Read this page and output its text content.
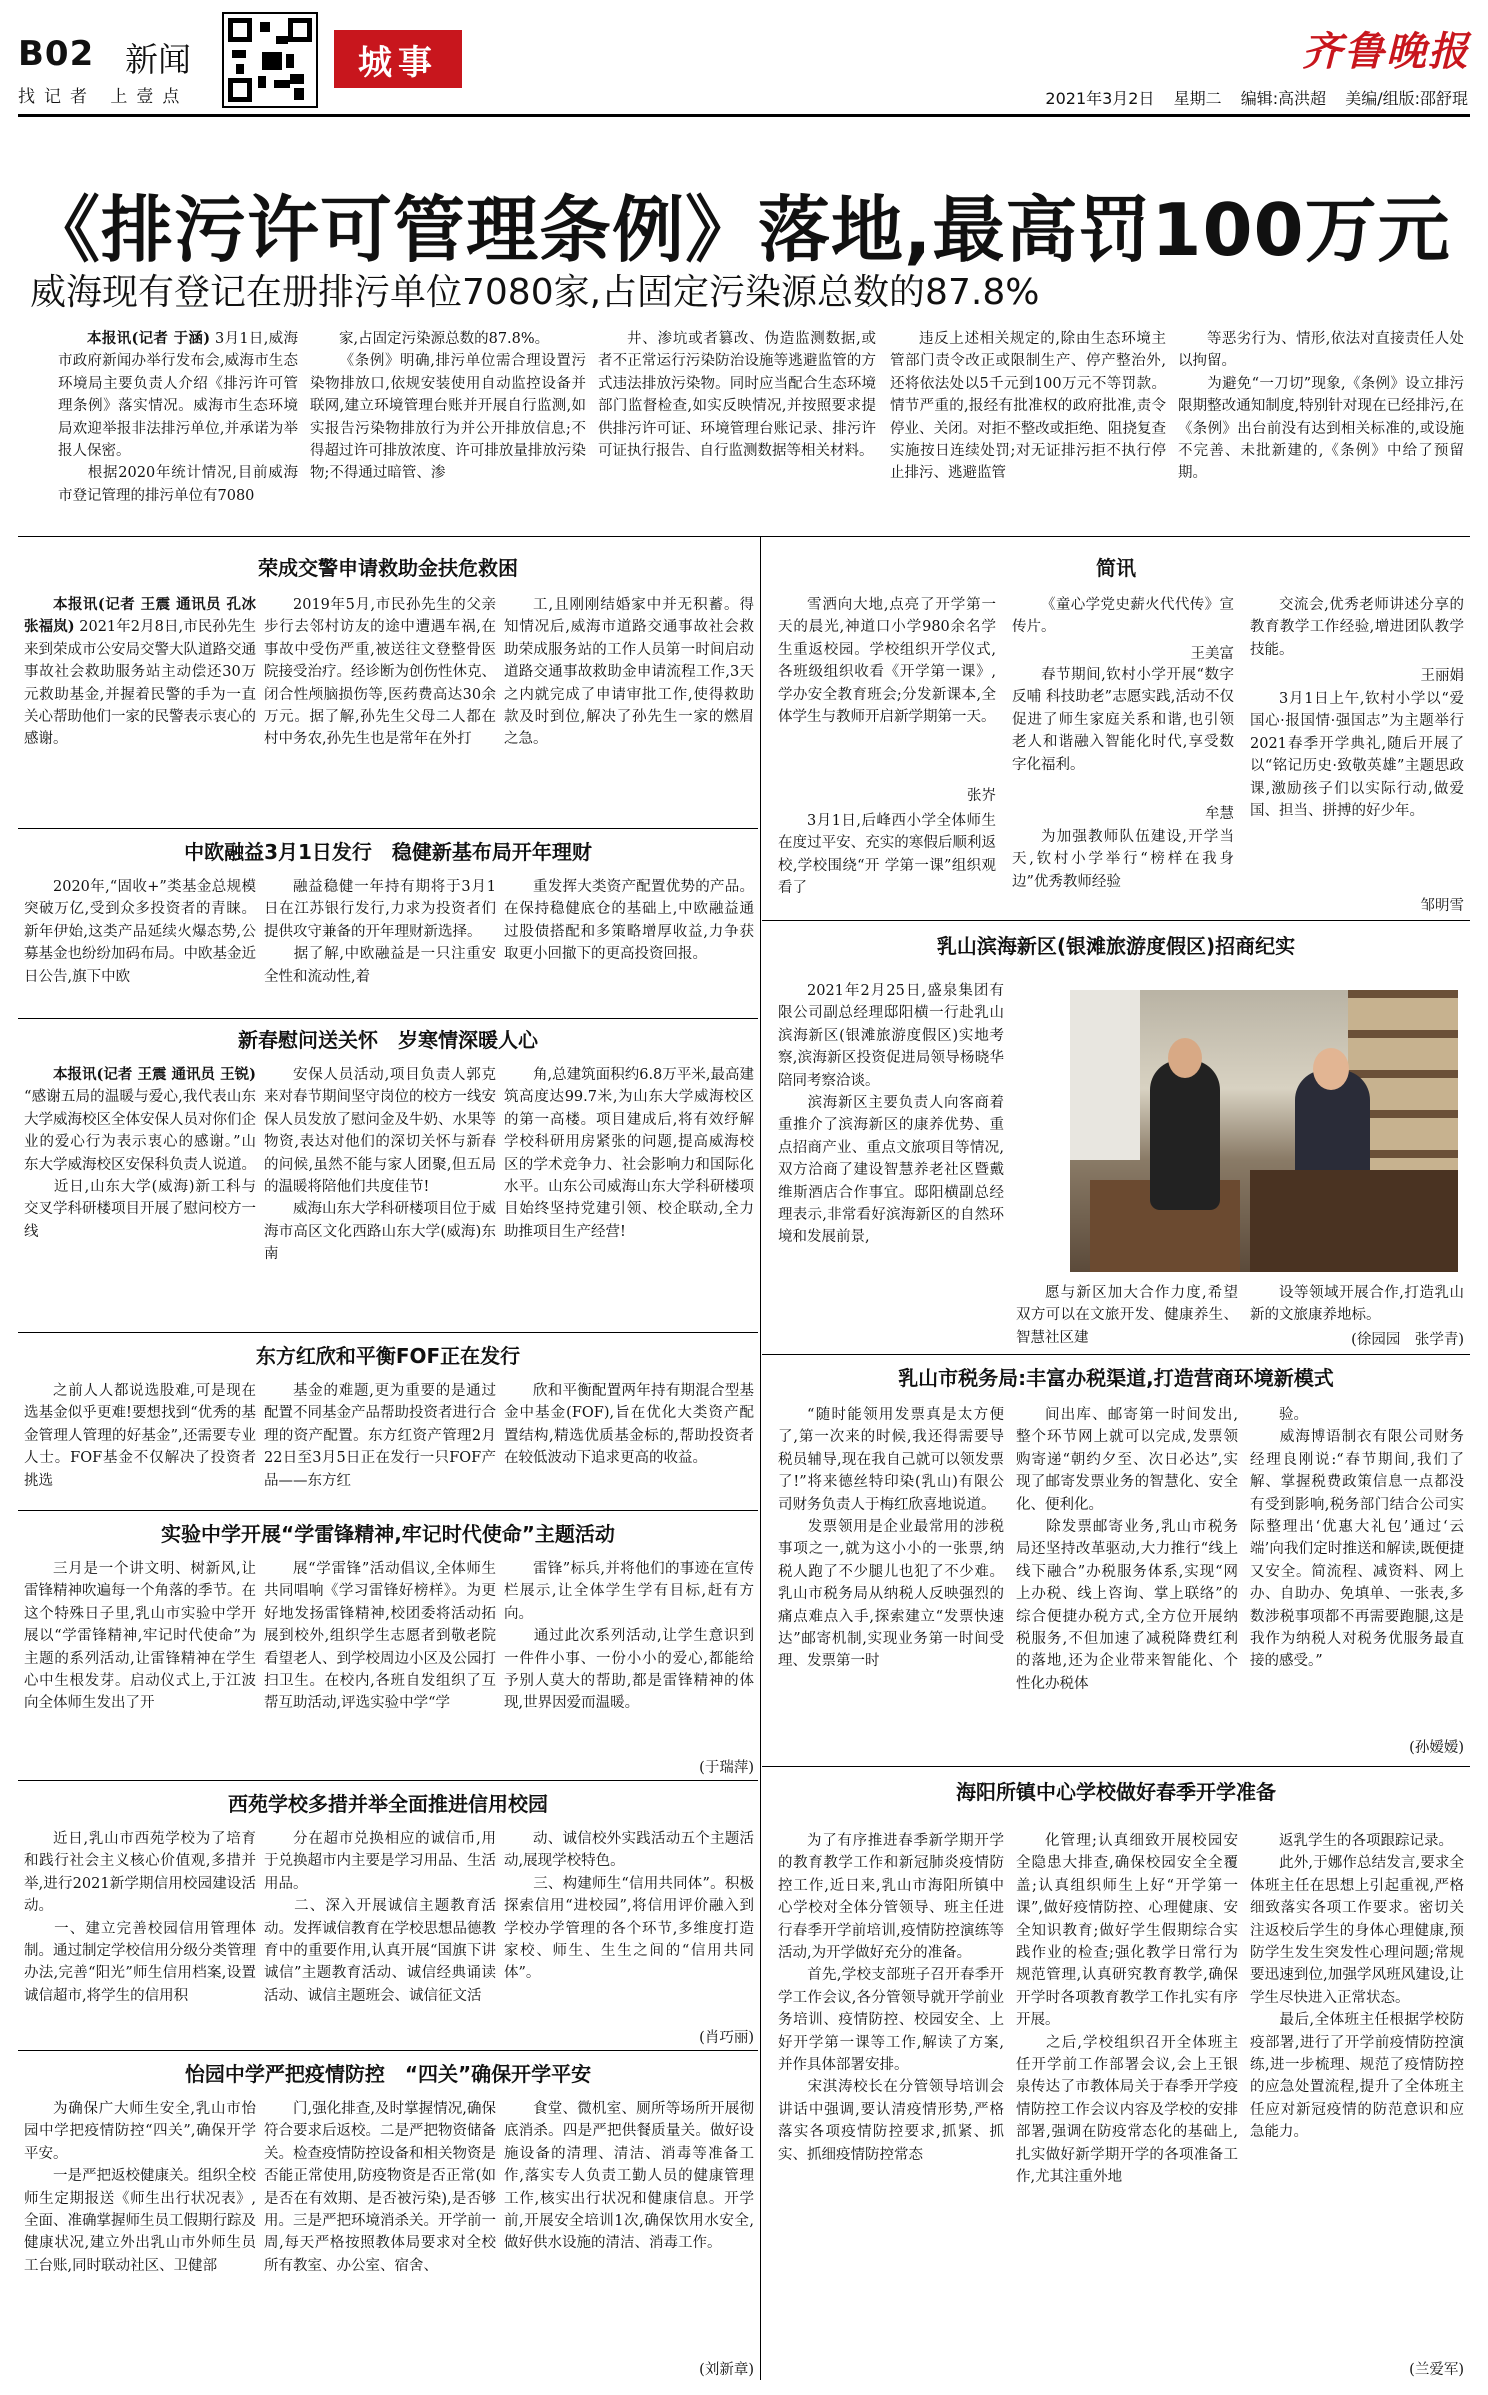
B02 新闻
找记者 上壹点
城事	齐鲁晚报
2021年3月2日 星期二 编辑:高洪超 美编/组版:邵舒琨
《排污许可管理条例》落地,最高罚100万元
威海现有登记在册排污单位7080家,占固定污染源总数的87.8%

本报讯(记者 于涵) 3月1日,威海市政府新闻办举行发布会,威海市生态环境局主要负责人介绍《排污许可管理条例》落实情况。威海市生态环境局欢迎举报非法排污单位,并承诺为举报人保密。
  根据2020年统计情况,目前威海市登记管理的排污单位有7080

家,占固定污染源总数的87.8%。
  《条例》明确,排污单位需合理设置污染物排放口,依规安装使用自动监控设备并联网,建立环境管理台账并开展自行监测,如实报告污染物排放行为并公开排放信息;不得超过许可排放浓度、许可排放量排放污染物;不得通过暗管、渗

井、渗坑或者篡改、伪造监测数据,或者不正常运行污染防治设施等逃避监管的方式违法排放污染物。同时应当配合生态环境部门监督检查,如实反映情况,并按照要求提供排污许可证、环境管理台账记录、排污许可证执行报告、自行监测数据等相关材料。

违反上述相关规定的,除由生态环境主管部门责令改正或限制生产、停产整治外,还将依法处以5千元到100万元不等罚款。情节严重的,报经有批准权的政府批准,责令停业、关闭。对拒不整改或拒绝、阻挠复查实施按日连续处罚;对无证排污拒不执行停止排污、逃避监管

等恶劣行为、情形,依法对直接责任人处以拘留。
  为避免“一刀切”现象,《条例》设立排污限期整改通知制度,特别针对现在已经排污,在《条例》出台前没有达到相关标准的,或设施不完善、未批新建的,《条例》中给了预留期。

荣成交警申请救助金扶危救困

本报讯(记者 王震 通讯员 孔冰 张福岚) 2021年2月8日,市民孙先生来到荣成市公安局交警大队道路交通事故社会救助服务站主动偿还30万元救助基金,并握着民警的手为一直关心帮助他们一家的民警表示衷心的感谢。

2019年5月,市民孙先生的父亲步行去邻村访友的途中遭遇车祸,在事故中受伤严重,被送往文登整骨医院接受治疗。经诊断为创伤性休克、闭合性颅脑损伤等,医药费高达30余万元。据了解,孙先生父母二人都在村中务农,孙先生也是常年在外打

工,且刚刚结婚家中并无积蓄。得知情况后,威海市道路交通事故社会救助荣成服务站的工作人员第一时间启动道路交通事故救助金申请流程工作,3天之内就完成了申请审批工作,使得救助款及时到位,解决了孙先生一家的燃眉之急。

中欧融益3月1日发行　稳健新基布局开年理财

2020年,“固收+”类基金总规模突破万亿,受到众多投资者的青睐。新年伊始,这类产品延续火爆态势,公募基金也纷纷加码布局。中欧基金近日公告,旗下中欧

融益稳健一年持有期将于3月1日在江苏银行发行,力求为投资者们提供攻守兼备的开年理财新选择。
  据了解,中欧融益是一只注重安全性和流动性,着

重发挥大类资产配置优势的产品。在保持稳健底仓的基础上,中欧融益通过股债搭配和多策略增厚收益,力争获取更小回撤下的更高投资回报。

新春慰问送关怀　岁寒情深暖人心

本报讯(记者 王震 通讯员 王锐) “感谢五局的温暖与爱心,我代表山东大学威海校区全体安保人员对你们企业的爱心行为表示衷心的感谢。”山东大学威海校区安保科负责人说道。
  近日,山东大学(威海)新工科与交叉学科研楼项目开展了慰问校方一线

安保人员活动,项目负责人郭克来对春节期间坚守岗位的校方一线安保人员发放了慰问金及牛奶、水果等物资,表达对他们的深切关怀与新春的问候,虽然不能与家人团聚,但五局的温暖将陪他们共度佳节!
  威海山东大学科研楼项目位于威海市高区文化西路山东大学(威海)东南

角,总建筑面积约6.8万平米,最高建筑高度达99.7米,为山东大学威海校区的第一高楼。项目建成后,将有效纾解学校科研用房紧张的问题,提高威海校区的学术竞争力、社会影响力和国际化水平。山东公司威海山东大学科研楼项目始终坚持党建引领、校企联动,全力助推项目生产经营!

东方红欣和平衡FOF正在发行

之前人人都说选股难,可是现在选基金似乎更难!要想找到“优秀的基金管理人管理的好基金”,还需要专业人士。FOF基金不仅解决了投资者挑选

基金的难题,更为重要的是通过配置不同基金产品帮助投资者进行合理的资产配置。东方红资产管理2月22日至3月5日正在发行一只FOF产品——东方红

欣和平衡配置两年持有期混合型基金中基金(FOF),旨在优化大类资产配置结构,精选优质基金标的,帮助投资者在较低波动下追求更高的收益。

实验中学开展“学雷锋精神,牢记时代使命”主题活动

三月是一个讲文明、树新风,让雷锋精神吹遍每一个角落的季节。在这个特殊日子里,乳山市实验中学开展以“学雷锋精神,牢记时代使命”为主题的系列活动,让雷锋精神在学生心中生根发芽。启动仪式上,于江波向全体师生发出了开

展“学雷锋”活动倡议,全体师生共同唱响《学习雷锋好榜样》。为更好地发扬雷锋精神,校团委将活动拓展到校外,组织学生志愿者到敬老院看望老人、到学校周边小区及公园打扫卫生。在校内,各班自发组织了互帮互助活动,评选实验中学“学

雷锋”标兵,并将他们的事迹在宣传栏展示,让全体学生学有目标,赶有方向。
  通过此次系列活动,让学生意识到一件件小事、一份小小的爱心,都能给予别人莫大的帮助,都是雷锋精神的体现,世界因爱而温暖。

(于瑞萍)
西苑学校多措并举全面推进信用校园

近日,乳山市西苑学校为了培育和践行社会主义核心价值观,多措并举,进行2021新学期信用校园建设活动。
  一、建立完善校园信用管理体制。通过制定学校信用分级分类管理办法,完善“阳光”师生信用档案,设置诚信超市,将学生的信用积

分在超市兑换相应的诚信币,用于兑换超市内主要是学习用品、生活用品。
  二、深入开展诚信主题教育活动。发挥诚信教育在学校思想品德教育中的重要作用,认真开展“国旗下讲诚信”主题教育活动、诚信经典诵读活动、诚信主题班会、诚信征文活

动、诚信校外实践活动五个主题活动,展现学校特色。
  三、构建师生“信用共同体”。积极探索信用“进校园”,将信用评价融入到学校办学管理的各个环节,多维度打造家校、师生、生生之间的“信用共同体”。

(肖巧丽)
怡园中学严把疫情防控　“四关”确保开学平安

为确保广大师生安全,乳山市怡园中学把疫情防控“四关”,确保开学平安。
  一是严把返校健康关。组织全校师生定期报送《师生出行状况表》,全面、准确掌握师生员工假期行踪及健康状况,建立外出乳山市外师生员工台账,同时联动社区、卫健部

门,强化排查,及时掌握情况,确保符合要求后返校。二是严把物资储备关。检查疫情防控设备和相关物资是否能正常使用,防疫物资是否正常(如是否在有效期、是否被污染),是否够用。三是严把环境消杀关。开学前一周,每天严格按照教体局要求对全校所有教室、办公室、宿舍、

食堂、微机室、厕所等场所开展彻底消杀。四是严把供餐质量关。做好设施设备的清理、清洁、消毒等准备工作,落实专人负责工勤人员的健康管理工作,核实出行状况和健康信息。开学前,开展安全培训1次,确保饮用水安全,做好供水设施的清洁、消毒工作。

(刘新章)
简讯

雪洒向大地,点亮了开学第一天的晨光,神道口小学980余名学生重返校园。学校组织开学仪式,各班级组织收看《开学第一课》,学办安全教育班会;分发新课本,全体学生与教师开启新学期第一天。

张岕

3月1日,后峰西小学全体师生在度过平安、充实的寒假后顺利返校,学校围绕“开 学第一课”组织观看了

《童心学党史薪火代代传》宣传片。

王美富

春节期间,钦村小学开展“数字反哺 科技助老”志愿实践,活动不仅促进了师生家庭关系和谐,也引领老人和谐融入智能化时代,享受数字化福利。

牟慧

为加强教师队伍建设,开学当天,钦村小学举行“榜样在我身边”优秀教师经验

交流会,优秀老师讲述分享的教育教学工作经验,增进团队教学技能。

王丽娟

3月1日上午,钦村小学以“爱国心·报国情·强国志”为主题举行2021春季开学典礼,随后开展了以“铭记历史·致敬英雄”主题思政课,激励孩子们以实际行动,做爱国、担当、拼搏的好少年。

邹明雪
乳山滨海新区(银滩旅游度假区)招商纪实

2021年2月25日,盛泉集团有限公司副总经理邸阳横一行赴乳山滨海新区(银滩旅游度假区)实地考察,滨海新区投资促进局领导杨晓华陪同考察洽谈。
  滨海新区主要负责人向客商着重推介了滨海新区的康养优势、重点招商产业、重点文旅项目等情况,双方洽商了建设智慧养老社区暨戴维斯酒店合作事宜。邸阳横副总经理表示,非常看好滨海新区的自然环境和发展前景,

愿与新区加大合作力度,希望双方可以在文旅开发、健康养生、智慧社区建

设等领域开展合作,打造乳山新的文旅康养地标。

(徐园园　张学青)
乳山市税务局:丰富办税渠道,打造营商环境新模式

“随时能领用发票真是太方便了,第一次来的时候,我还得需要导税员辅导,现在我自己就可以领发票了!”将来德丝特印染(乳山)有限公司财务负责人于梅红欣喜地说道。
  发票领用是企业最常用的涉税事项之一,就为这小小的一张票,纳税人跑了不少腿儿也犯了不少难。乳山市税务局从纳税人反映强烈的痛点难点入手,探索建立“发票快速达”邮寄机制,实现业务第一时间受理、发票第一时

间出库、邮寄第一时间发出,整个环节网上就可以完成,发票领购寄递“朝约夕至、次日必达”,实现了邮寄发票业务的智慧化、安全化、便利化。
  除发票邮寄业务,乳山市税务局还坚持改革驱动,大力推行“线上线下融合”办税服务体系,实现“网上办税、线上咨询、掌上联络”的综合便捷办税方式,全方位开展纳税服务,不但加速了减税降费红利的落地,还为企业带来智能化、个性化办税体

验。
  威海博语制衣有限公司财务经理良刚说:“春节期间,我们了解、掌握税费政策信息一点都没有受到影响,税务部门结合公司实际整理出‘优惠大礼包’通过‘云端’向我们定时推送和解读,既便捷又安全。简流程、减资料、网上办、自助办、免填单、一张表,多数涉税事项都不再需要跑腿,这是我作为纳税人对税务优服务最直接的感受。”

(孙嫒嫒)
海阳所镇中心学校做好春季开学准备

为了有序推进春季新学期开学的教育教学工作和新冠肺炎疫情防控工作,近日来,乳山市海阳所镇中心学校对全体分管领导、班主任进行春季开学前培训,疫情防控演练等活动,为开学做好充分的准备。
  首先,学校支部班子召开春季开学工作会议,各分管领导就开学前业务培训、疫情防控、校园安全、上好开学第一课等工作,解读了方案,并作具体部署安排。
  宋淇涛校长在分管领导培训会讲话中强调,要认清疫情形势,严格落实各项疫情防控要求,抓紧、抓实、抓细疫情防控常态

化管理;认真细致开展校园安全隐患大排查,确保校园安全全覆盖;认真组织师生上好“开学第一课”,做好疫情防控、心理健康、安全知识教育;做好学生假期综合实践作业的检查;强化教学日常行为规范管理,认真研究教育教学,确保开学时各项教育教学工作扎实有序开展。
  之后,学校组织召开全体班主任开学前工作部署会议,会上王银泉传达了市教体局关于春季开学疫情防控工作会议内容及学校的安排部署,强调在防疫常态化的基础上,扎实做好新学期开学的各项准备工作,尤其注重外地

返乳学生的各项跟踪记录。
  此外,于娜作总结发言,要求全体班主任在思想上引起重视,严格细致落实各项工作要求。密切关注返校后学生的身体心理健康,预防学生发生突发性心理问题;常规要迅速到位,加强学风班风建设,让学生尽快进入正常状态。
  最后,全体班主任根据学校防疫部署,进行了开学前疫情防控演练,进一步梳理、规范了疫情防控的应急处置流程,提升了全体班主任应对新冠疫情的防范意识和应急能力。

(兰爱军)
